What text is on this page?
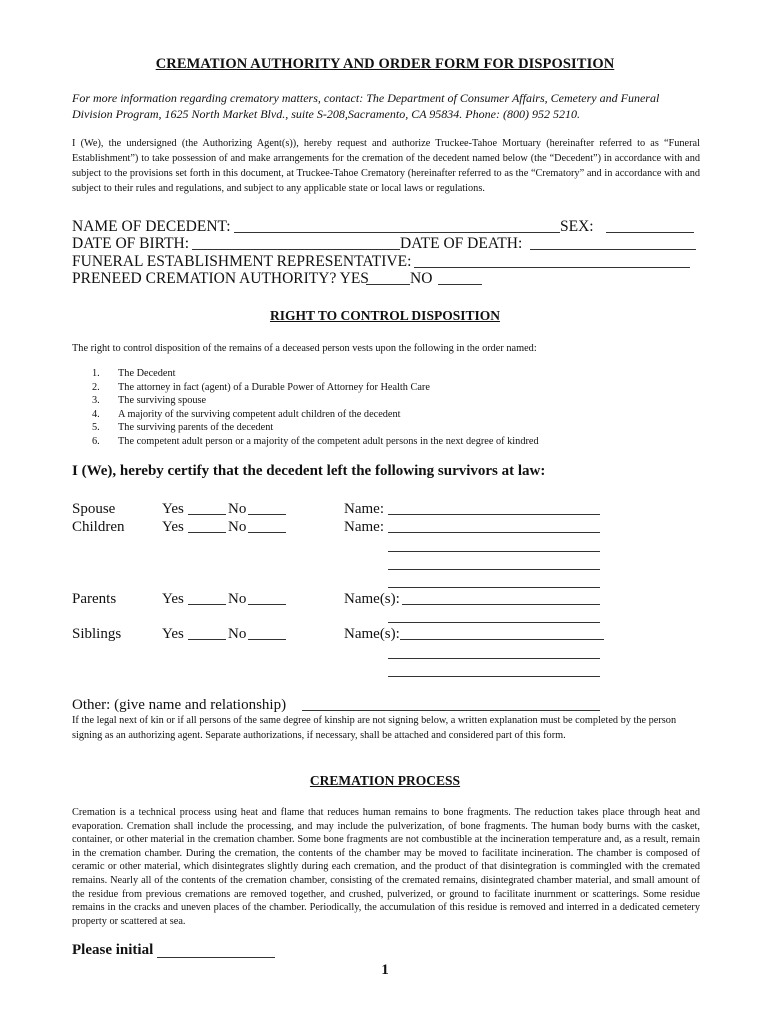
CREMATION AUTHORITY AND ORDER FORM FOR DISPOSITION
For more information regarding crematory matters, contact: The Department of Consumer Affairs, Cemetery and Funeral
Division Program, 1625 North Market Blvd., suite S-208,Sacramento, CA 95834. Phone: (800) 952 5210.
I (We), the undersigned (the Authorizing Agent(s)), hereby request and authorize Truckee-Tahoe Mortuary (hereinafter referred to as “Funeral Establishment”) to take possession of and make arrangements for the cremation of the decedent named below (the “Decedent”) in accordance with and subject to the provisions set forth in this document, at Truckee-Tahoe Crematory (hereinafter referred to as the “Crematory” and in accordance with and subject to their rules and regulations, and subject to any applicable state or local laws or regulations.
NAME OF DECEDENT:	SEX:
DATE OF BIRTH:	DATE OF DEATH:
FUNERAL ESTABLISHMENT REPRESENTATIVE:
PRENEED CREMATION AUTHORITY? YES	NO
RIGHT TO CONTROL DISPOSITION
The right to control disposition of the remains of a deceased person vests upon the following in the order named:
1. The Decedent
2. The attorney in fact (agent) of a Durable Power of Attorney for Health Care
3. The surviving spouse
4. A majority of the surviving competent adult children of the decedent
5. The surviving parents of the decedent
6. The competent adult person or a majority of the competent adult persons in the next degree of kindred
I (We), hereby certify that the decedent left the following survivors at law:
Spouse	Yes	No	Name:
Children	Yes	No	Name:
Parents	Yes	No	Name(s):
Siblings	Yes	No	Name(s):
Other: (give name and relationship)
If the legal next of kin or if all persons of the same degree of kinship are not signing below, a written explanation must be completed by the person signing as an authorizing agent. Separate authorizations, if necessary, shall be attached and considered part of this form.
CREMATION PROCESS
Cremation is a technical process using heat and flame that reduces human remains to bone fragments. The reduction takes place through heat and evaporation. Cremation shall include the processing, and may include the pulverization, of bone fragments. The human body burns with the casket, container, or other material in the cremation chamber. Some bone fragments are not combustible at the incineration temperature and, as a result, remain in the cremation chamber. During the cremation, the contents of the chamber may be moved to facilitate incineration. The chamber is composed of ceramic or other material, which disintegrates slightly during each cremation, and the product of that disintegration is commingled with the cremated remains. Nearly all of the contents of the cremation chamber, consisting of the cremated remains, disintegrated chamber material, and small amount of the residue from previous cremations are removed together, and crushed, pulverized, or ground to facilitate inurnment or scatterings. Some residue remains in the cracks and uneven places of the chamber. Periodically, the accumulation of this residue is removed and interred in a dedicated cemetery property or scattered at sea.
Please initial
1
